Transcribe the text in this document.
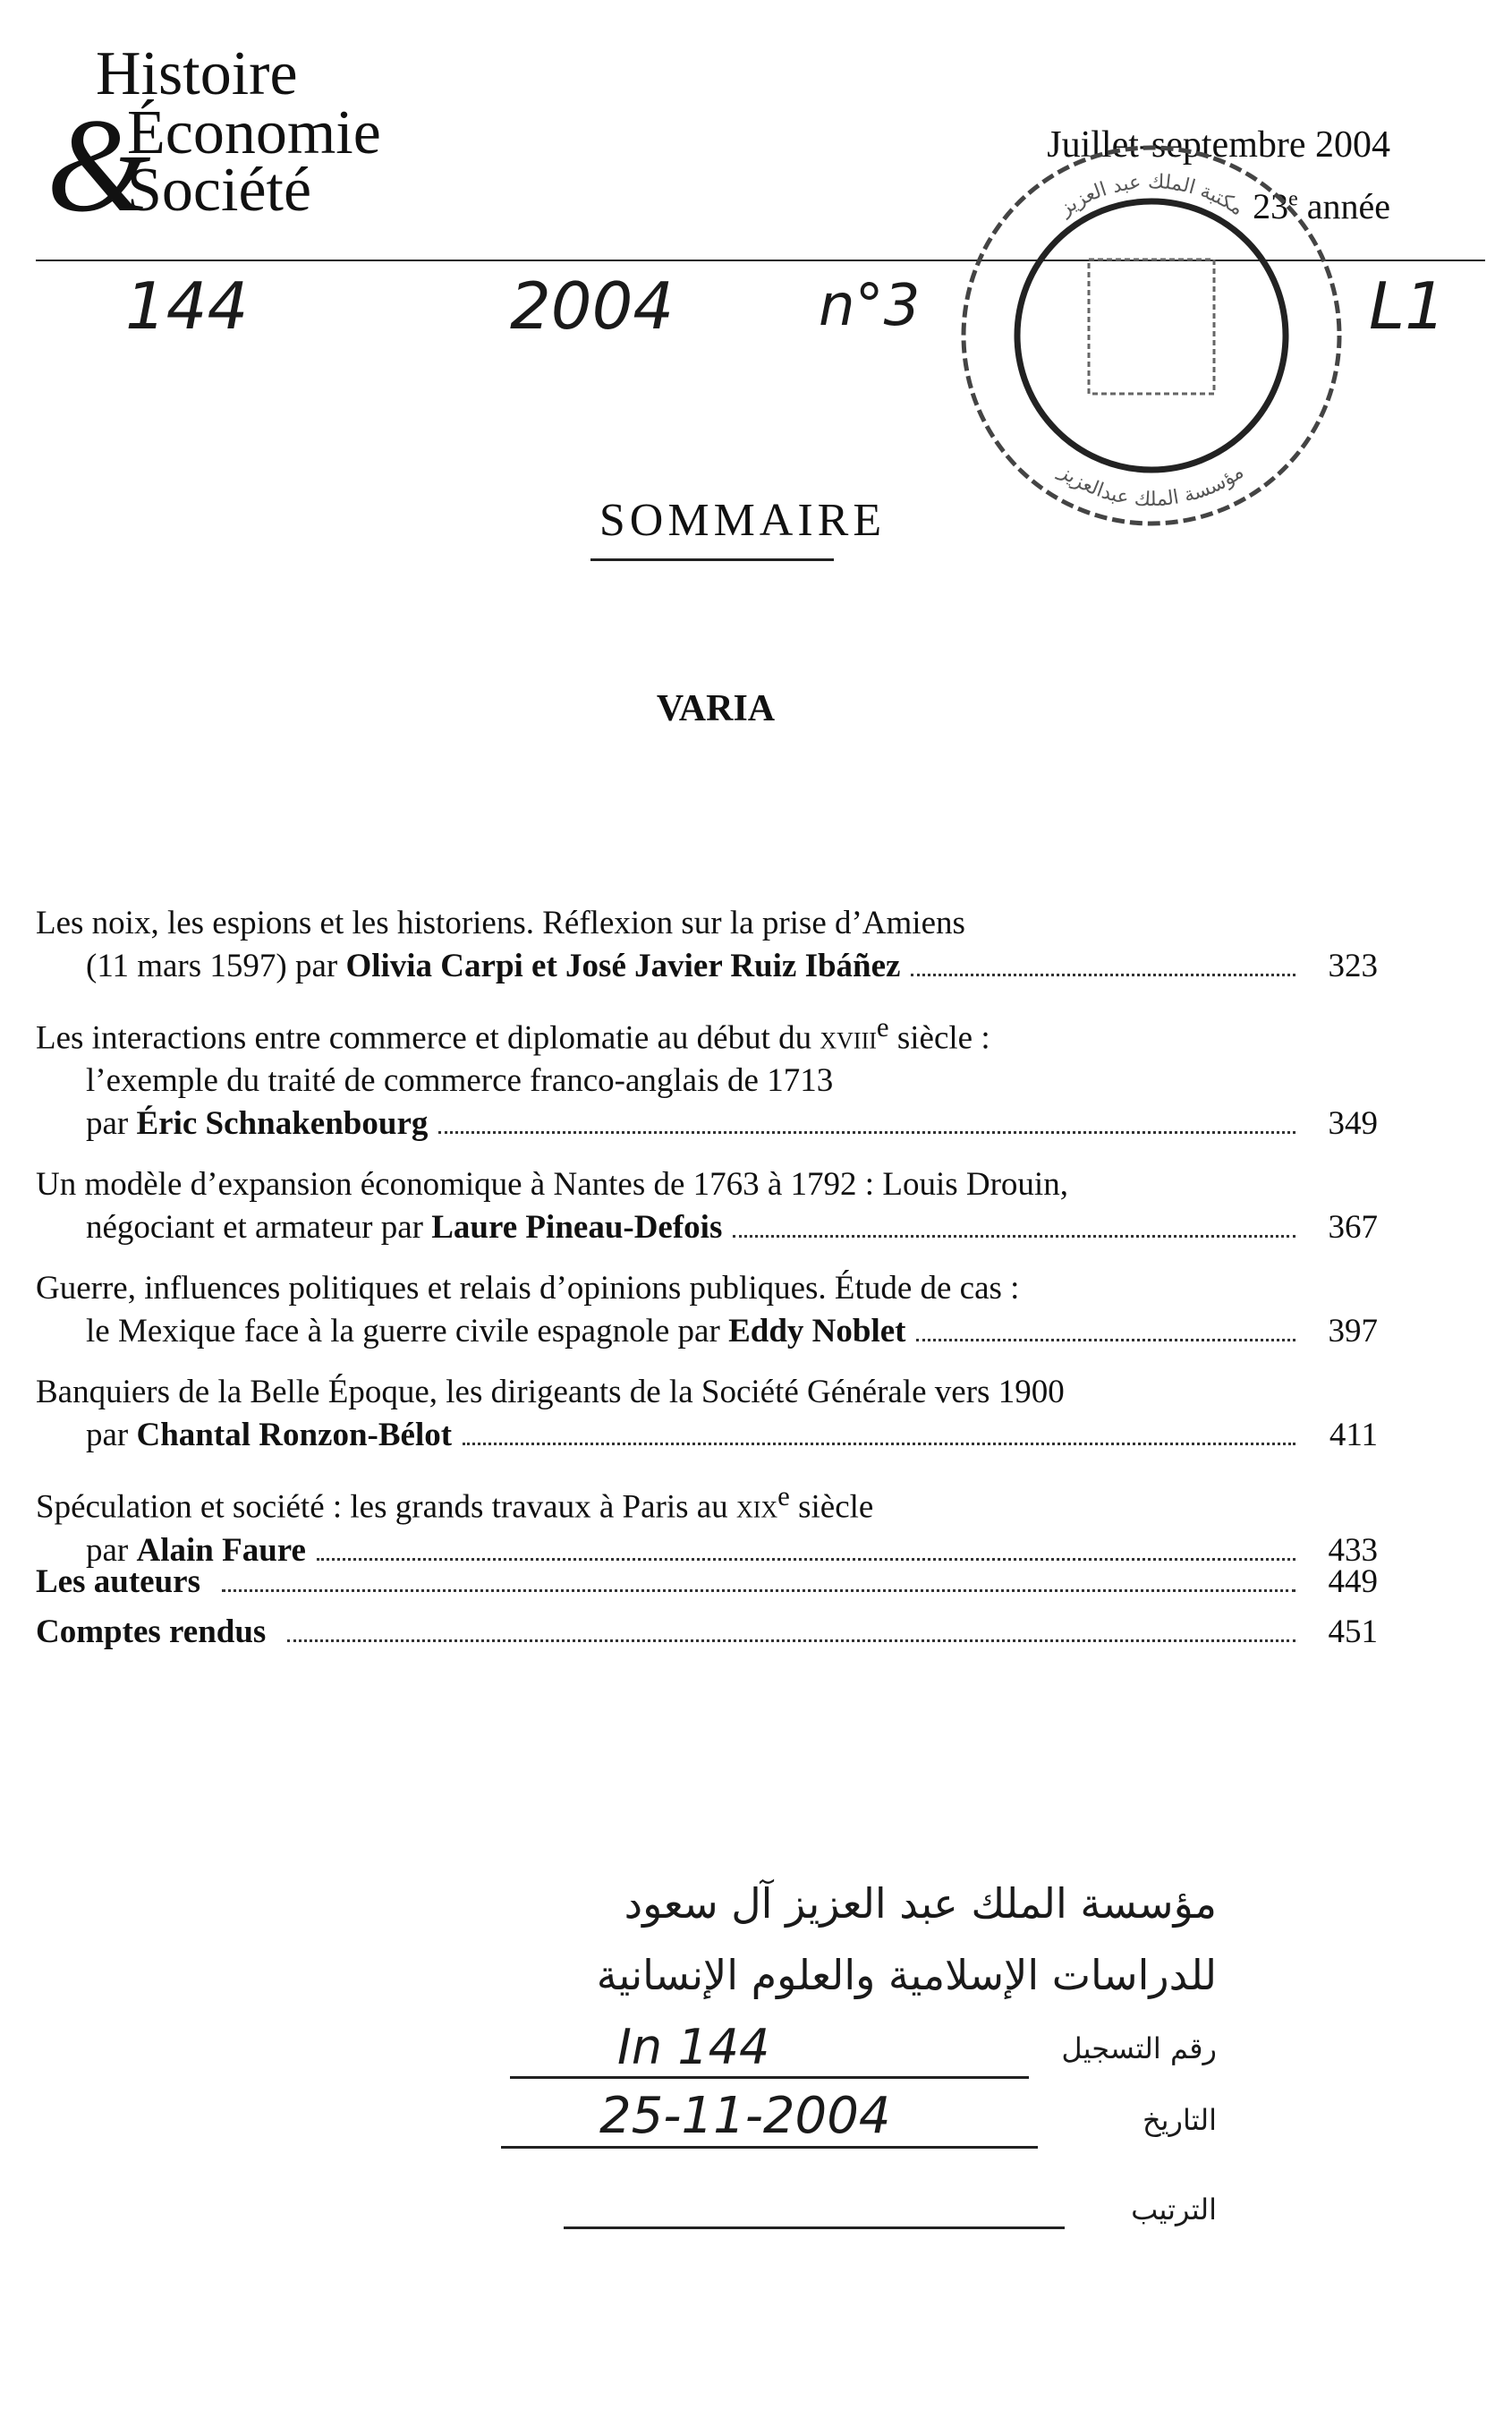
Histoire
&
Économie
Société
Juillet-septembre 2004
23e année
144	2004	n°3	L1
مكتبة الملك عبد العزيز
مؤسسة الملك عبدالعزيز
SOMMAIRE
VARIA
Les noix, les espions et les historiens. Réflexion sur la prise d’Amiens
(11 mars 1597) par Olivia Carpi et José Javier Ruiz Ibáñez	323
Les interactions entre commerce et diplomatie au début du xviii$^e$ siècle :
l’exemple du traité de commerce franco-anglais de 1713
par Éric Schnakenbourg	349
Un modèle d’expansion économique à Nantes de 1763 à 1792 : Louis Drouin,
négociant et armateur par Laure Pineau-Defois	367
Guerre, influences politiques et relais d’opinions publiques. Étude de cas :
le Mexique face à la guerre civile espagnole par Eddy Noblet	397
Banquiers de la Belle Époque, les dirigeants de la Société Générale vers 1900
par Chantal Ronzon-Bélot	411
Spéculation et société : les grands travaux à Paris au xix$^e$ siècle
par Alain Faure	433
Les auteurs	449
Comptes rendus	451
مؤسسة الملك عبد العزيز آل سعود
للدراسات الإسلامية والعلوم الإنسانية
رقم التسجيل
In 144
التاريخ
25-11-2004
الترتيب
